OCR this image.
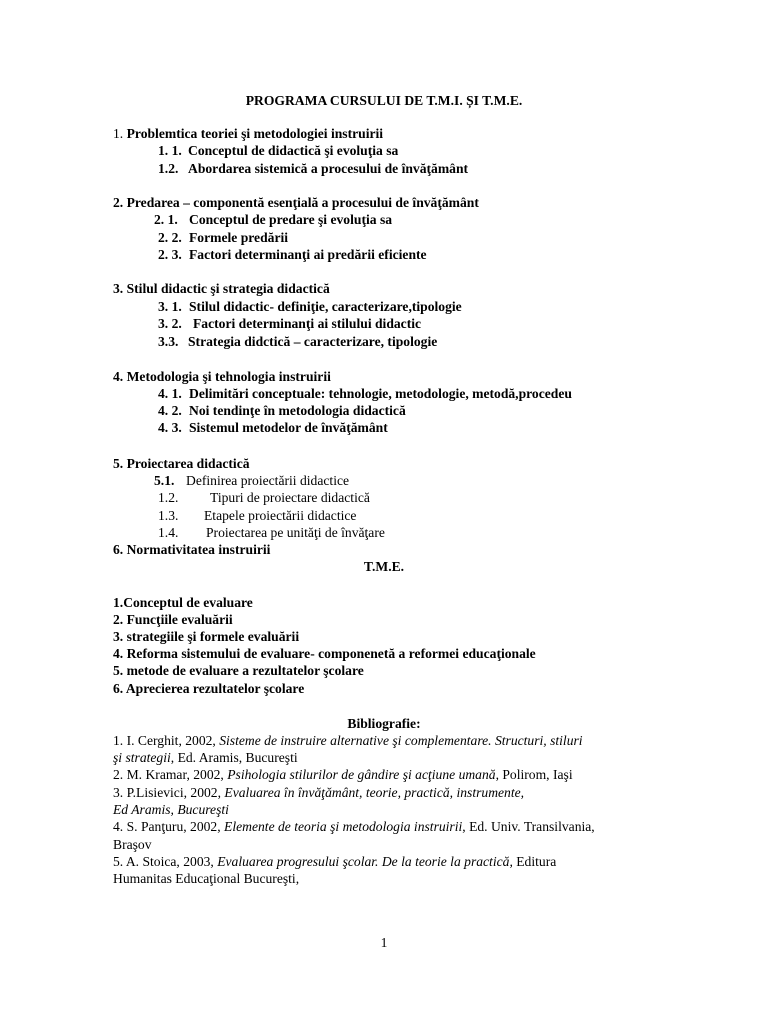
PROGRAMA CURSULUI DE T.M.I. ȘI T.M.E.
1. Problemtica teoriei şi metodologiei instruirii
1. 1. Conceptul de didactică şi evoluţia sa
1.2. Abordarea sistemică a procesului de învăţământ
2. Predarea – componentă esenţială a procesului de învăţământ
2. 1. Conceptul de predare şi evoluţia sa
2. 2. Formele predării
2. 3. Factori determinanţi ai predării eficiente
3. Stilul didactic şi strategia didactică
3. 1. Stilul didactic- definiţie, caracterizare,tipologie
3. 2. Factori determinanţi ai stilului didactic
3.3. Strategia didctică – caracterizare, tipologie
4. Metodologia şi tehnologia instruirii
4. 1. Delimitări conceptuale: tehnologie, metodologie, metodă,procedeu
4. 2. Noi tendinţe în metodologia didactică
4. 3. Sistemul metodelor de învăţământ
5. Proiectarea didactică
5.1. Definirea proiectării didactice
1.2. Tipuri de proiectare didactică
1.3. Etapele proiectării didactice
1.4. Proiectarea pe unităţi de învăţare
6. Normativitatea instruirii
T.M.E.
1.Conceptul de evaluare
2. Funcţiile evaluării
3. strategiile şi formele evaluării
4. Reforma sistemului de evaluare- componenetă a reformei educaţionale
5. metode de evaluare a rezultatelor şcolare
6. Aprecierea rezultatelor şcolare
Bibliografie:
1. I. Cerghit, 2002, Sisteme de instruire alternative şi complementare. Structuri, stiluri
şi strategii, Ed. Aramis, Bucureşti
2. M. Kramar, 2002, Psihologia stilurilor de gândire şi acţiune umană, Polirom, Iaşi
3. P.Lisievici, 2002, Evaluarea în învăţământ, teorie, practică, instrumente,
Ed Aramis, Bucureşti
4. S. Panţuru, 2002, Elemente de teoria şi metodologia instruirii, Ed. Univ. Transilvania,
Braşov
5. A. Stoica, 2003, Evaluarea progresului şcolar. De la teorie la practică, Editura
Humanitas Educaţional Bucureşti,
1
